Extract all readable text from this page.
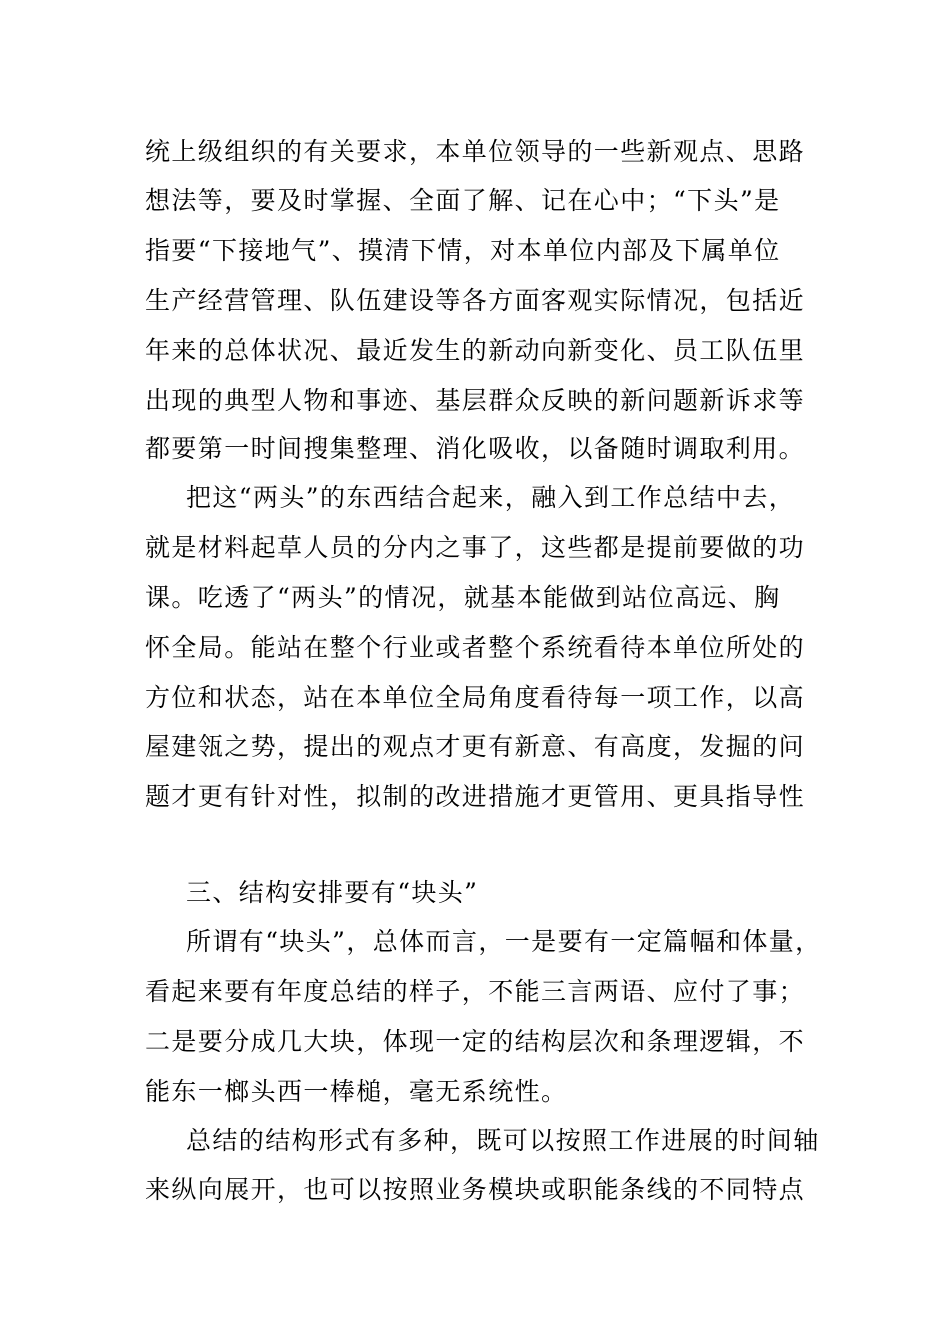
统上级组织的有关要求，本单位领导的一些新观点、思路
想法等，要及时掌握、全面了解、记在心中；“下头”是
指要“下接地气”、摸清下情，对本单位内部及下属单位
生产经营管理、队伍建设等各方面客观实际情况，包括近
年来的总体状况、最近发生的新动向新变化、员工队伍里
出现的典型人物和事迹、基层群众反映的新问题新诉求等
都要第一时间搜集整理、消化吸收，以备随时调取利用。
把这“两头”的东西结合起来，融入到工作总结中去，
就是材料起草人员的分内之事了，这些都是提前要做的功
课。吃透了“两头”的情况，就基本能做到站位高远、胸
怀全局。能站在整个行业或者整个系统看待本单位所处的
方位和状态，站在本单位全局角度看待每一项工作，以高
屋建瓴之势，提出的观点才更有新意、有高度，发掘的问
题才更有针对性，拟制的改进措施才更管用、更具指导性
三、结构安排要有“块头”
所谓有“块头”，总体而言，一是要有一定篇幅和体量，
看起来要有年度总结的样子，不能三言两语、应付了事；
二是要分成几大块，体现一定的结构层次和条理逻辑，不
能东一榔头西一棒槌，毫无系统性。
总结的结构形式有多种，既可以按照工作进展的时间轴
来纵向展开，也可以按照业务模块或职能条线的不同特点
